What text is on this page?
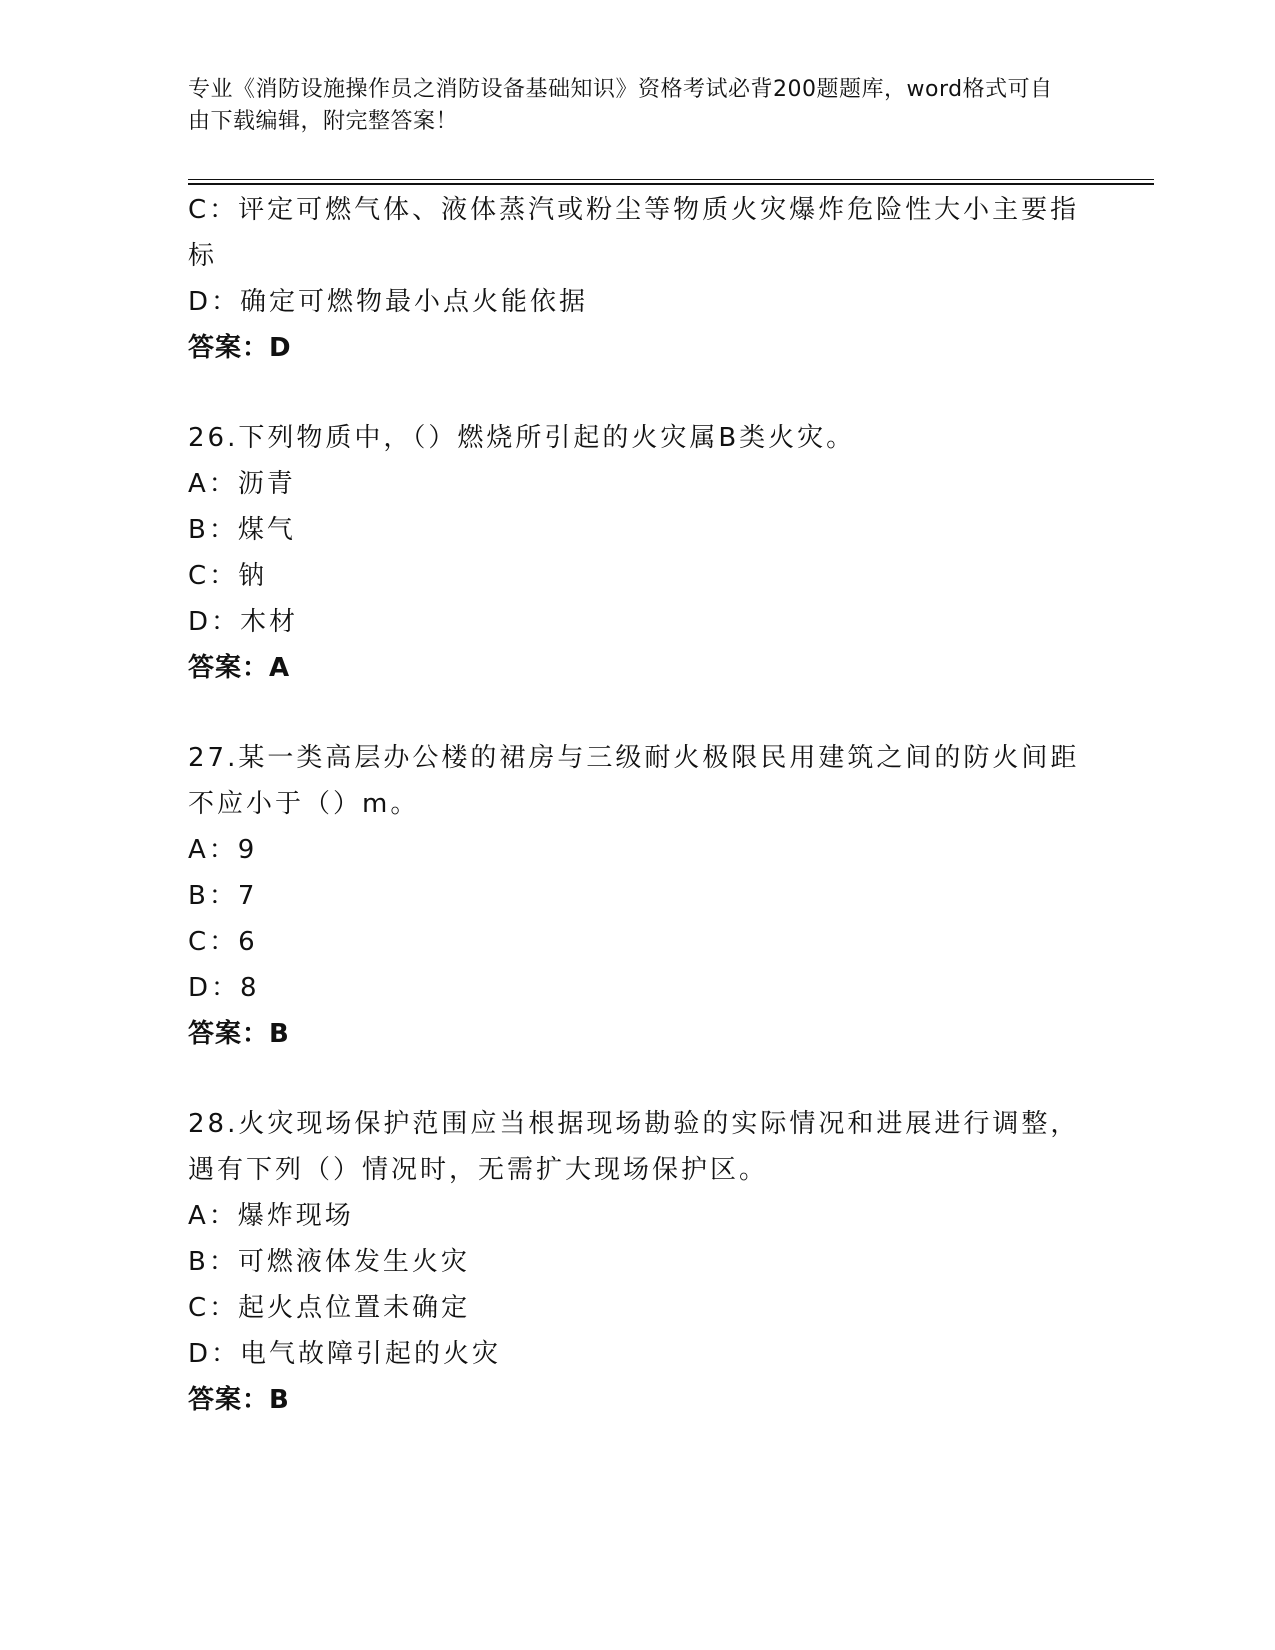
专业《消防设施操作员之消防设备基础知识》资格考试必背200题题库，word格式可自由下载编辑，附完整答案！
C：评定可燃气体、液体蒸汽或粉尘等物质火灾爆炸危险性大小主要指标
D：确定可燃物最小点火能依据
答案：D
26.下列物质中，（）燃烧所引起的火灾属B类火灾。
A：沥青
B：煤气
C：钠
D：木材
答案：A
27.某一类高层办公楼的裙房与三级耐火极限民用建筑之间的防火间距不应小于（）m。
A：9
B：7
C：6
D：8
答案：B
28.火灾现场保护范围应当根据现场勘验的实际情况和进展进行调整，遇有下列（）情况时，无需扩大现场保护区。
A：爆炸现场
B：可燃液体发生火灾
C：起火点位置未确定
D：电气故障引起的火灾
答案：B
